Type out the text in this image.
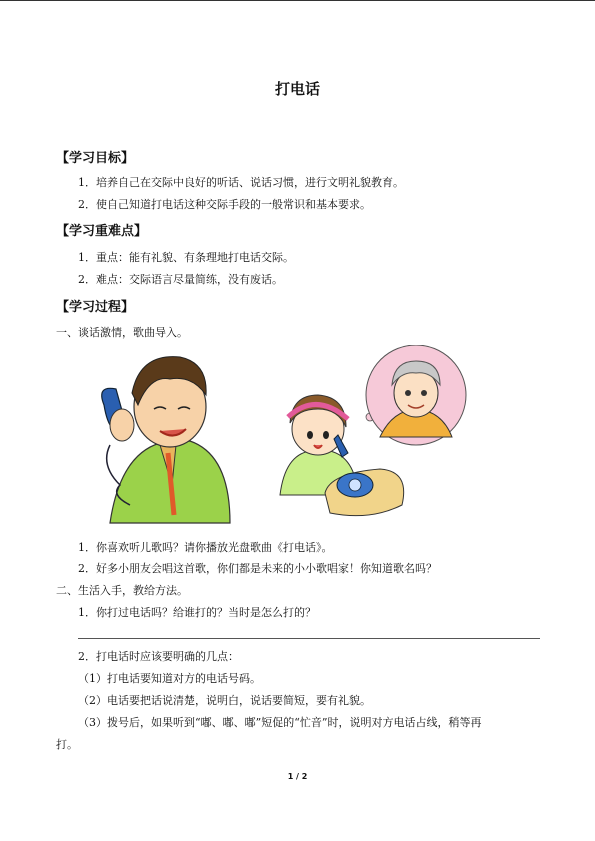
打电话
【学习目标】
1．培养自己在交际中良好的听话、说话习惯，进行文明礼貌教育。
2．使自己知道打电话这种交际手段的一般常识和基本要求。
【学习重难点】
1．重点：能有礼貌、有条理地打电话交际。
2．难点：交际语言尽量简练，没有废话。
【学习过程】
一、谈话激情，歌曲导入。
1．你喜欢听儿歌吗？请你播放光盘歌曲《打电话》。
2．好多小朋友会唱这首歌，你们都是未来的小小歌唱家！你知道歌名吗？
二、生活入手，教给方法。
1．你打过电话吗？给谁打的？当时是怎么打的？
2．打电话时应该要明确的几点：
（1）打电话要知道对方的电话号码。
（2）电话要把话说清楚，说明白，说话要简短，要有礼貌。
（3）拨号后，如果听到“嘟、嘟、嘟”短促的“忙音”时，说明对方电话占线，稍等再
打。
1 / 2
